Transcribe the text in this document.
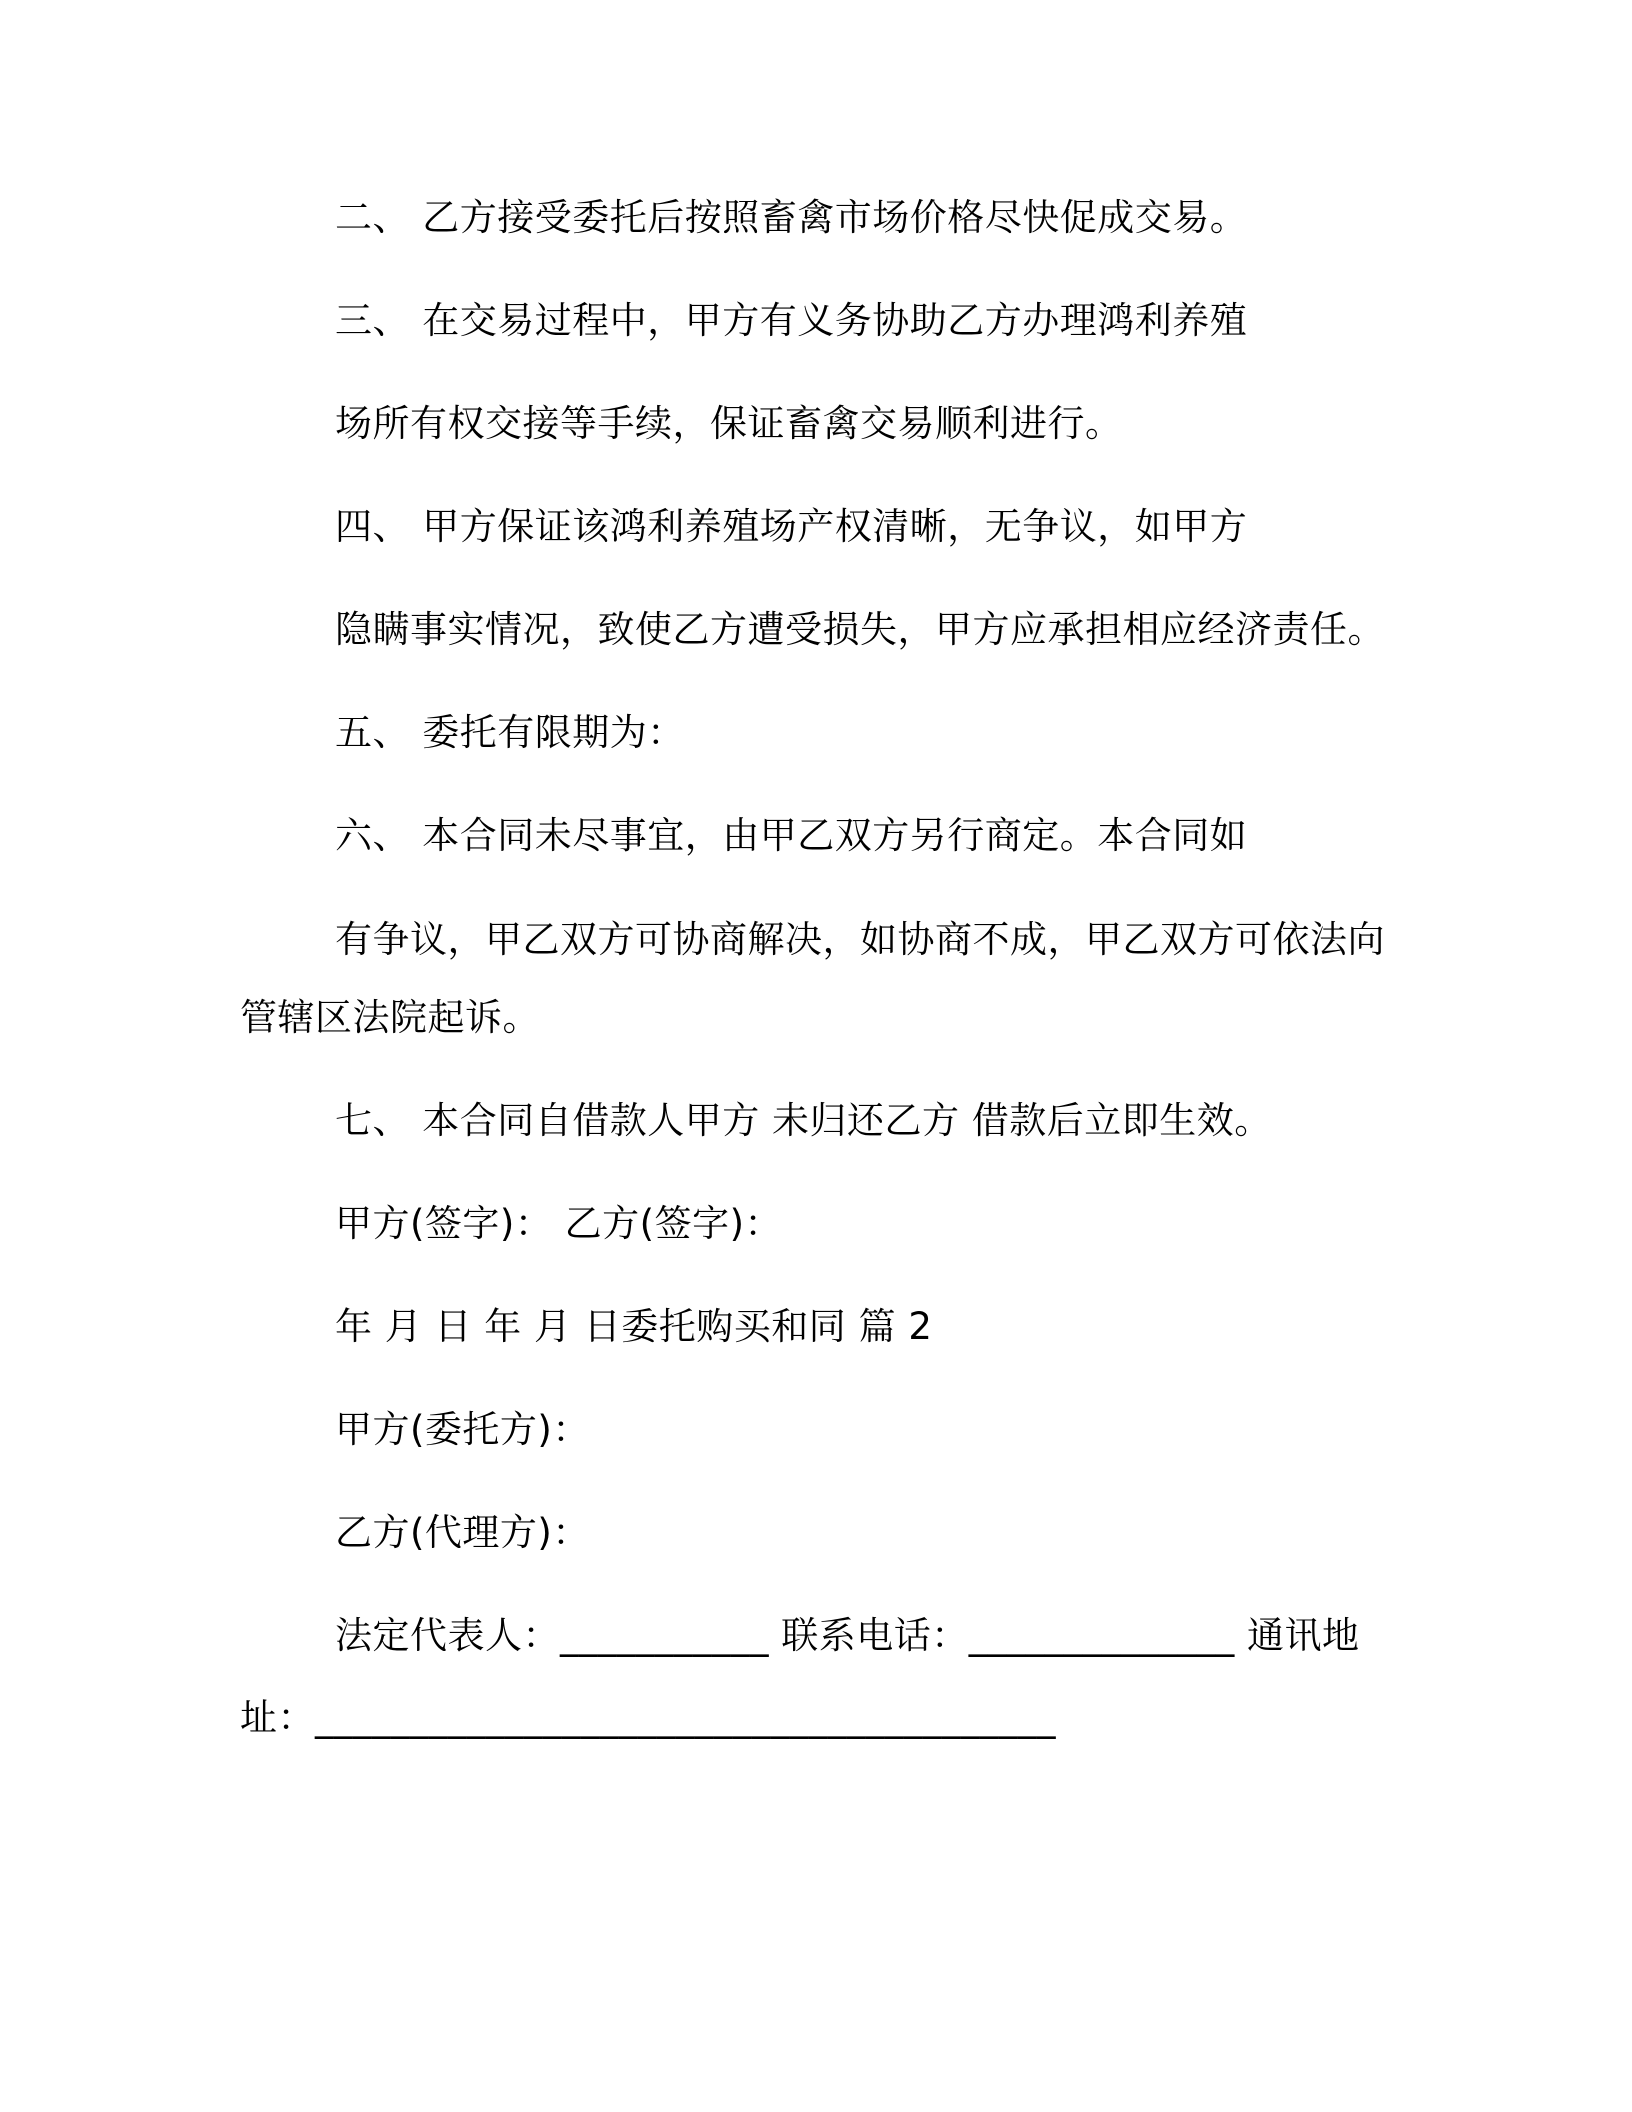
二、 乙方接受委托后按照畜禽市场价格尽快促成交易。
三、 在交易过程中，甲方有义务协助乙方办理鸿利养殖
场所有权交接等手续，保证畜禽交易顺利进行。
四、 甲方保证该鸿利养殖场产权清晰，无争议，如甲方
隐瞒事实情况，致使乙方遭受损失，甲方应承担相应经济责任。
五、 委托有限期为：
六、 本合同未尽事宜，由甲乙双方另行商定。本合同如
有争议，甲乙双方可协商解决，如协商不成，甲乙双方可依法向
管辖区法院起诉。
七、 本合同自借款人甲方 未归还乙方 借款后立即生效。
甲方(签字)： 乙方(签字)：
年 月 日 年 月 日委托购买和同 篇 2
甲方(委托方)：
乙方(代理方)：
法定代表人：___________ 联系电话：______________ 通讯地
址：_______________________________________
